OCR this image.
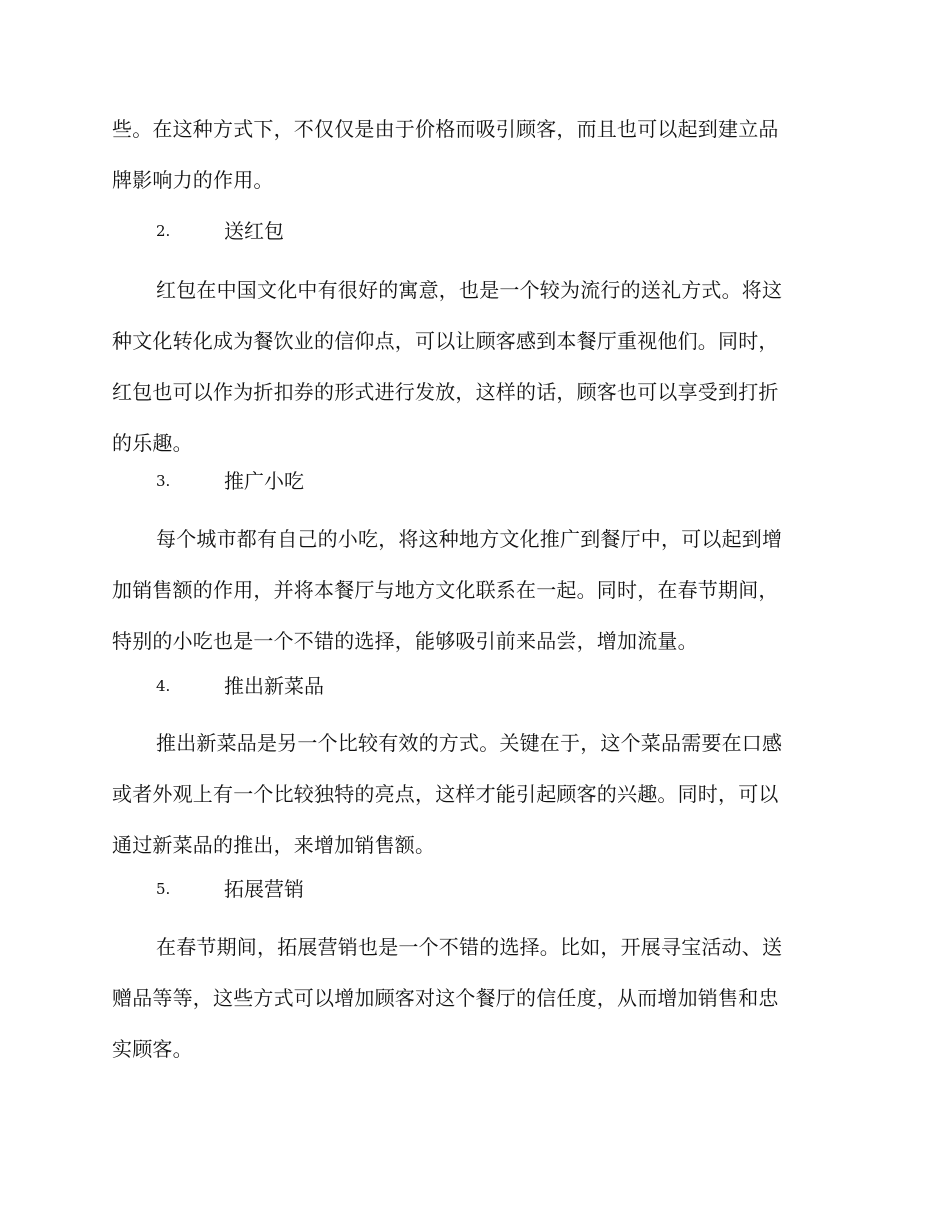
些。在这种方式下，不仅仅是由于价格而吸引顾客，而且也可以起到建立品
牌影响力的作用。
2.	送红包
红包在中国文化中有很好的寓意，也是一个较为流行的送礼方式。将这
种文化转化成为餐饮业的信仰点，可以让顾客感到本餐厅重视他们。同时，
红包也可以作为折扣券的形式进行发放，这样的话，顾客也可以享受到打折
的乐趣。
3.	推广小吃
每个城市都有自己的小吃，将这种地方文化推广到餐厅中，可以起到增
加销售额的作用，并将本餐厅与地方文化联系在一起。同时，在春节期间，
特别的小吃也是一个不错的选择，能够吸引前来品尝，增加流量。
4.	推出新菜品
推出新菜品是另一个比较有效的方式。关键在于，这个菜品需要在口感
或者外观上有一个比较独特的亮点，这样才能引起顾客的兴趣。同时，可以
通过新菜品的推出，来增加销售额。
5.	拓展营销
在春节期间，拓展营销也是一个不错的选择。比如，开展寻宝活动、送
赠品等等，这些方式可以增加顾客对这个餐厅的信任度，从而增加销售和忠
实顾客。
